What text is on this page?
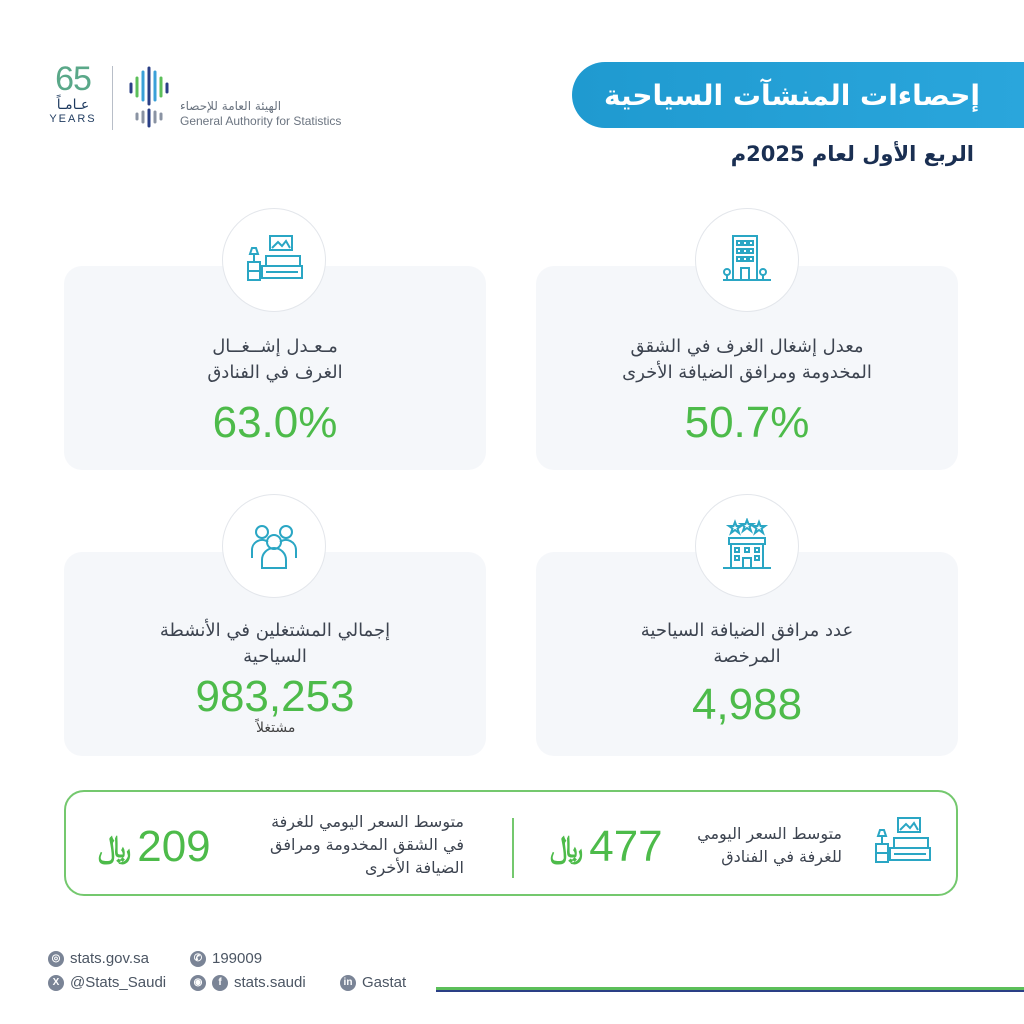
65
عـامـاً
YEARS
الهيئة العامة للإحصاء
General Authority for Statistics
إحصاءات المنشآت السياحية
الربع الأول لعام 2025م
معدل إشغال الغرف في الشقق
المخدومة ومرافق الضيافة الأخرى
50.7%
مـعـدل إشــغــال
الغرف في الفنادق
63.0%
عدد مرافق الضيافة السياحية
المرخصة
4,988
إجمالي المشتغلين في الأنشطة
السياحية
983,253
مشتغلاً
متوسط السعر اليومي
للغرفة في الفنادق
﷼ 477
متوسط السعر اليومي للغرفة
في الشقق المخدومة ومرافق
الضيافة الأخرى
﷼ 209
◎ stats.gov.sa	✆ 199009
X @Stats_Saudi	◉	f stats.saudi	in Gastat
